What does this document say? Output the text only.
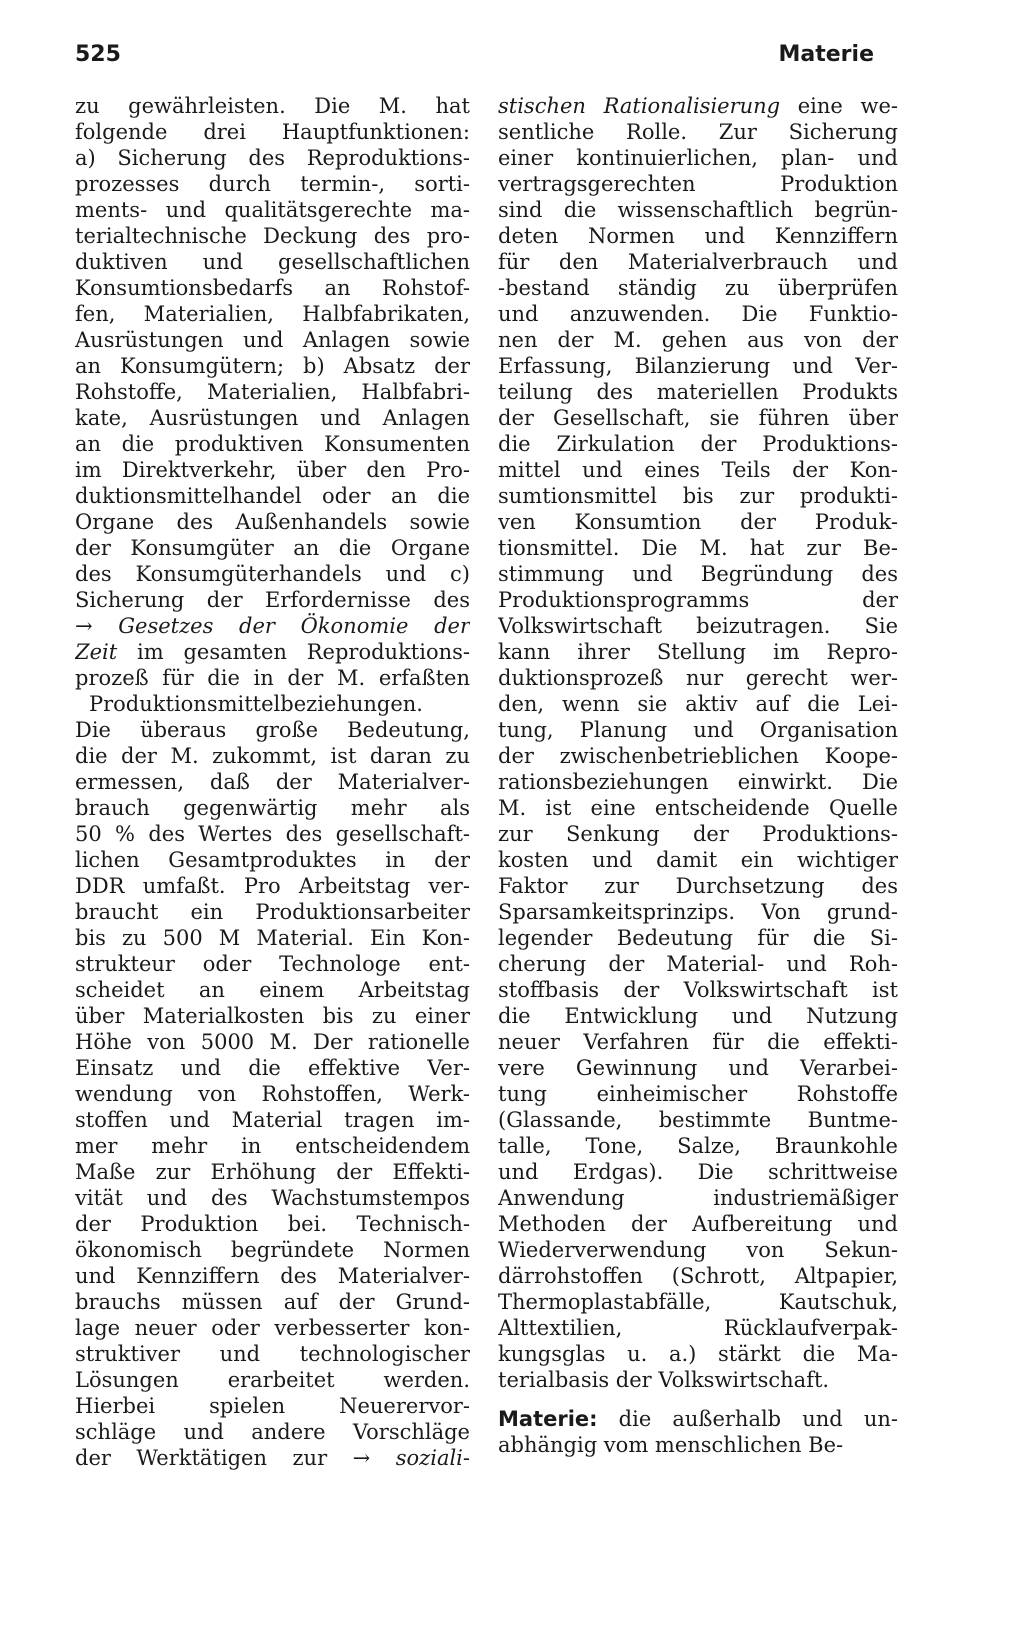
525	Materie
zu gewährleisten. Die M. hat
folgende drei Hauptfunktionen:
a) Sicherung des Reproduktions-
prozesses durch termin-, sorti-
ments- und qualitätsgerechte ma-
terialtechnische Deckung des pro-
duktiven und gesellschaftlichen
Konsumtionsbedarfs an Rohstof-
fen, Materialien, Halbfabrikaten,
Ausrüstungen und Anlagen sowie
an Konsumgütern; b) Absatz der
Rohstoffe, Materialien, Halbfabri-
kate, Ausrüstungen und Anlagen
an die produktiven Konsumenten
im Direktverkehr, über den Pro-
duktionsmittelhandel oder an die
Organe des Außenhandels sowie
der Konsumgüter an die Organe
des Konsumgüterhandels und c)
Sicherung der Erfordernisse des
→ Gesetzes der Ökonomie der
Zeit im gesamten Reproduktions-
prozeß für die in der M. erfaßten
Produktionsmittelbeziehungen.
Die überaus große Bedeutung,
die der M. zukommt, ist daran zu
ermessen, daß der Materialver-
brauch gegenwärtig mehr als
50 % des Wertes des gesellschaft-
lichen Gesamtproduktes in der
DDR umfaßt. Pro Arbeitstag ver-
braucht ein Produktionsarbeiter
bis zu 500 M Material. Ein Kon-
strukteur oder Technologe ent-
scheidet an einem Arbeitstag
über Materialkosten bis zu einer
Höhe von 5000 M. Der rationelle
Einsatz und die effektive Ver-
wendung von Rohstoffen, Werk-
stoffen und Material tragen im-
mer mehr in entscheidendem
Maße zur Erhöhung der Effekti-
vität und des Wachstumstempos
der Produktion bei. Technisch-
ökonomisch begründete Normen
und Kennziffern des Materialver-
brauchs müssen auf der Grund-
lage neuer oder verbesserter kon-
struktiver und technologischer
Lösungen erarbeitet werden.
Hierbei spielen Neuerervor-
schläge und andere Vorschläge
der Werktätigen zur → soziali-
stischen Rationalisierung eine we-
sentliche Rolle. Zur Sicherung
einer kontinuierlichen, plan- und
vertragsgerechten Produktion
sind die wissenschaftlich begrün-
deten Normen und Kennziffern
für den Materialverbrauch und
-bestand ständig zu überprüfen
und anzuwenden. Die Funktio-
nen der M. gehen aus von der
Erfassung, Bilanzierung und Ver-
teilung des materiellen Produkts
der Gesellschaft, sie führen über
die Zirkulation der Produktions-
mittel und eines Teils der Kon-
sumtionsmittel bis zur produkti-
ven Konsumtion der Produk-
tionsmittel. Die M. hat zur Be-
stimmung und Begründung des
Produktionsprogramms der
Volkswirtschaft beizutragen. Sie
kann ihrer Stellung im Repro-
duktionsprozeß nur gerecht wer-
den, wenn sie aktiv auf die Lei-
tung, Planung und Organisation
der zwischenbetrieblichen Koope-
rationsbeziehungen einwirkt. Die
M. ist eine entscheidende Quelle
zur Senkung der Produktions-
kosten und damit ein wichtiger
Faktor zur Durchsetzung des
Sparsamkeitsprinzips. Von grund-
legender Bedeutung für die Si-
cherung der Material- und Roh-
stoffbasis der Volkswirtschaft ist
die Entwicklung und Nutzung
neuer Verfahren für die effekti-
vere Gewinnung und Verarbei-
tung einheimischer Rohstoffe
(Glassande, bestimmte Buntme-
talle, Tone, Salze, Braunkohle
und Erdgas). Die schrittweise
Anwendung industriemäßiger
Methoden der Aufbereitung und
Wiederverwendung von Sekun-
därrohstoffen (Schrott, Altpapier,
Thermoplastabfälle, Kautschuk,
Alttextilien, Rücklaufverpak-
kungsglas u. a.) stärkt die Ma-
terialbasis der Volkswirtschaft.
Materie: die außerhalb und un-
abhängig vom menschlichen Be-
